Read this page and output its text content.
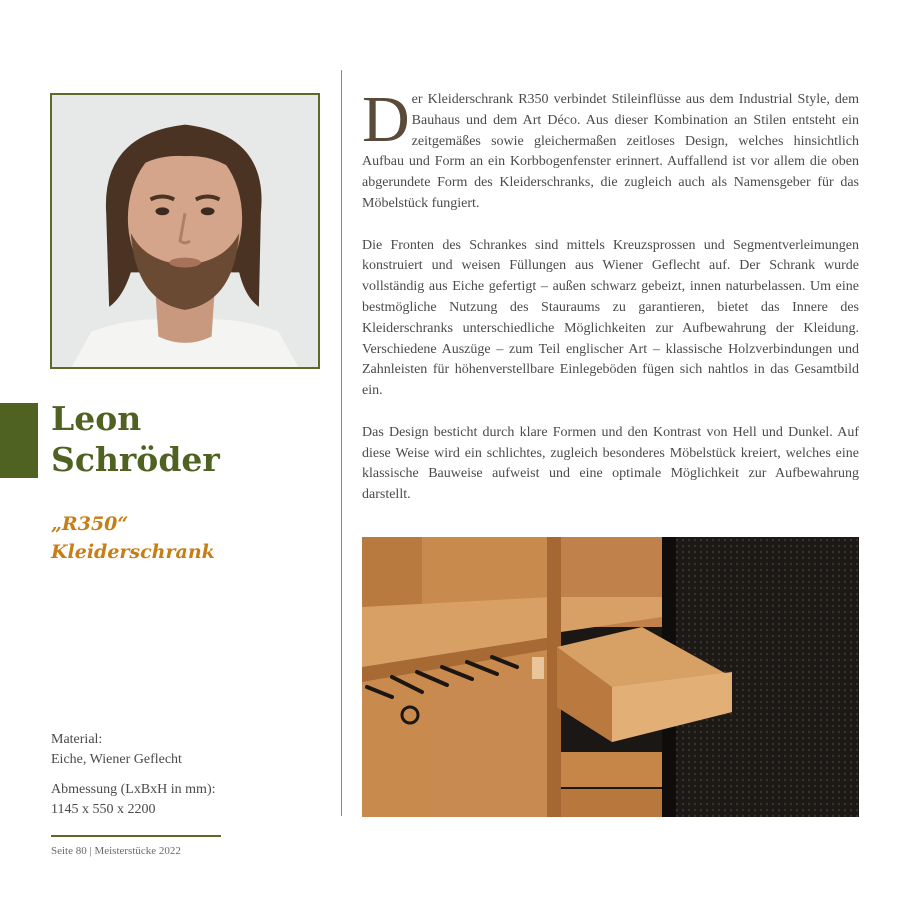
Leon
Schröder
„R350“
Kleiderschrank
Material:
Eiche, Wiener Geflecht
Abmessung (LxBxH in mm):
1145 x 550 x 2200
Seite 80 | Meisterstücke 2022

Der Kleiderschrank R350 verbindet Stileinflüsse aus dem Industrial Style, dem Bauhaus und dem Art Déco. Aus dieser Kombination an Stilen entsteht ein zeitgemäßes sowie gleichermaßen zeitloses Design, welches hinsichtlich Aufbau und Form an ein Korbbogenfenster erinnert. Auffallend ist vor allem die oben abgerundete Form des Kleiderschranks, die zugleich auch als Namensgeber für das Möbelstück fungiert.

Die Fronten des Schrankes sind mittels Kreuzsprossen und Segmentverleimungen konstruiert und weisen Füllungen aus Wiener Geflecht auf. Der Schrank wurde vollständig aus Eiche gefertigt – außen schwarz gebeizt, innen naturbelassen. Um eine bestmögliche Nutzung des Stauraums zu garantieren, bietet das Innere des Kleiderschranks unterschiedliche Möglichkeiten zur Aufbewahrung der Kleidung. Verschiedene Auszüge – zum Teil englischer Art – klassische Holzverbindungen und Zahnleisten für höhenverstellbare Einlegeböden fügen sich nahtlos in das Gesamtbild ein.

Das Design besticht durch klare Formen und den Kontrast von Hell und Dunkel. Auf diese Weise wird ein schlichtes, zugleich besonderes Möbelstück kreiert, welches eine klassische Bauweise aufweist und eine optimale Möglichkeit zur Aufbewahrung darstellt.
